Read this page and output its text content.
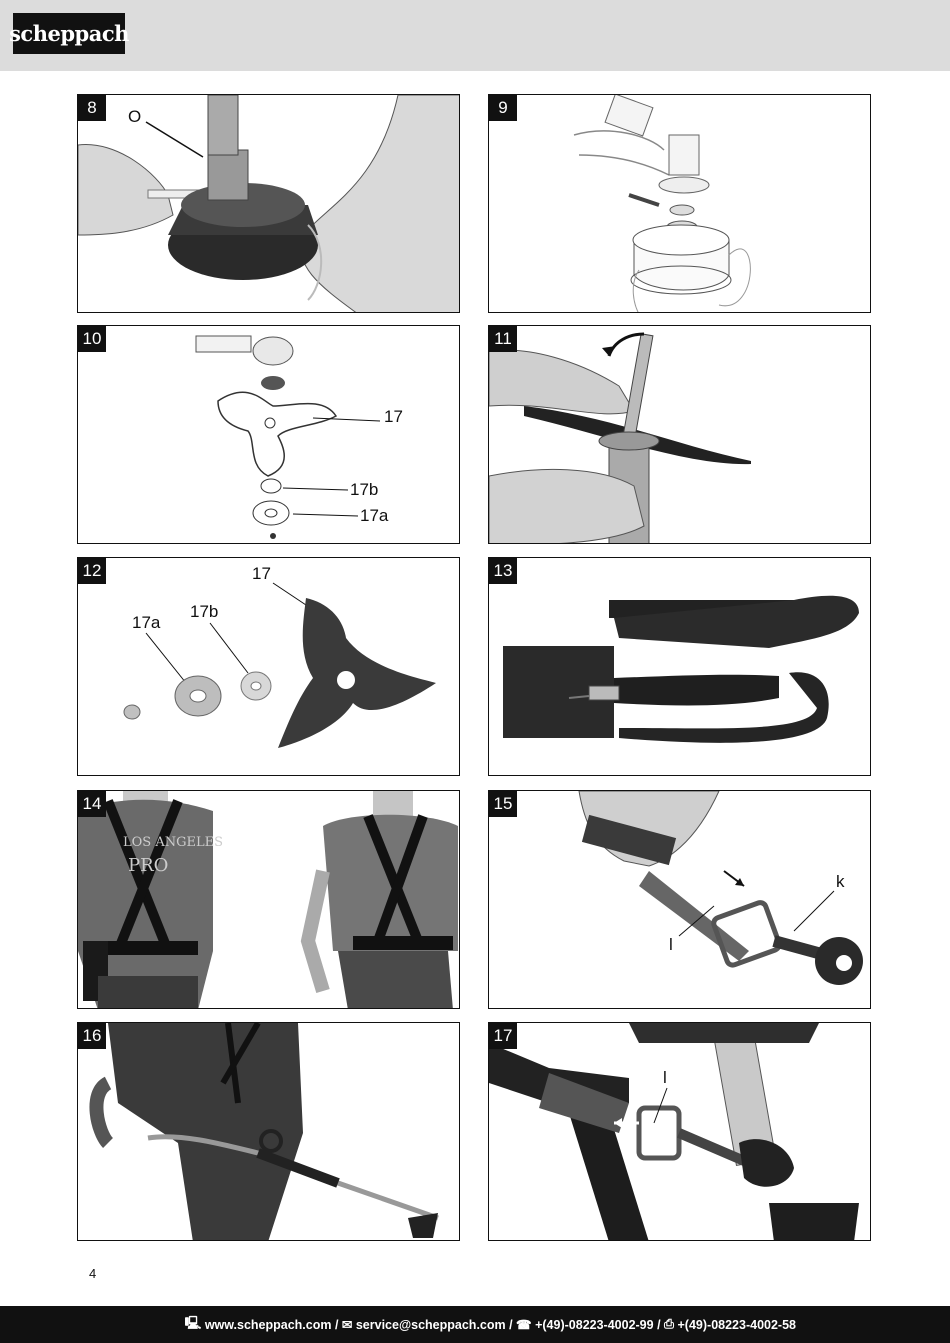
scheppach
8	O	9
10
17
17b
17a
11
12	17
17a
17b
13
14
LOS ANGELES
PRO
15
k
l
16	17
l
4
🖳 www.scheppach.com / ✉ service@scheppach.com / ☎ +(49)-08223-4002-99 / ⎙ +(49)-08223-4002-58
